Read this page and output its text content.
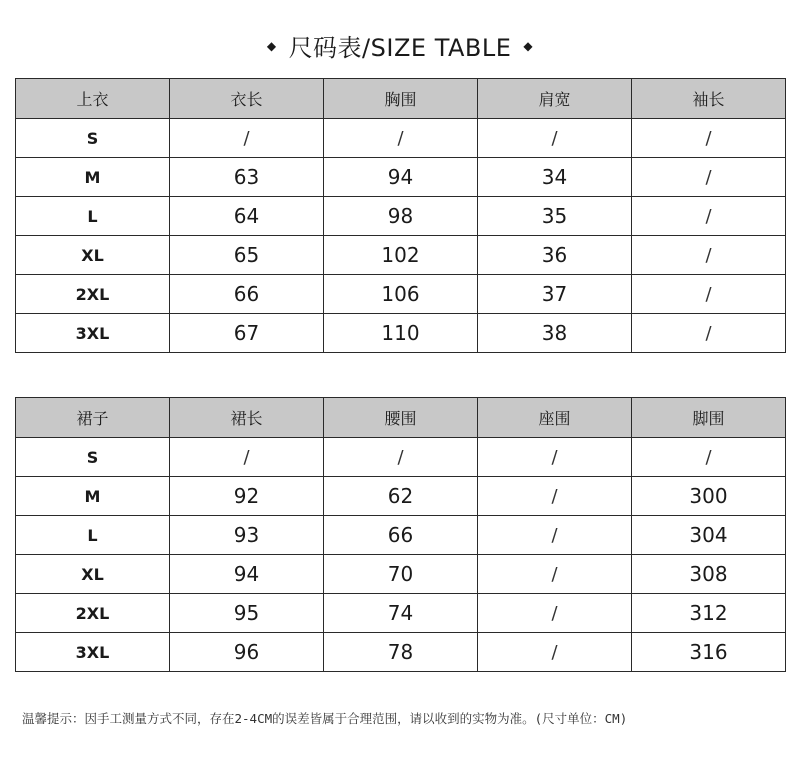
◆ 尺码表/SIZE TABLE ◆
上衣	衣长	胸围	肩宽	袖长
S	/	/	/	/
M	63	94	34	/
L	64	98	35	/
XL	65	102	36	/
2XL	66	106	37	/
3XL	67	110	38	/
裙子	裙长	腰围	座围	脚围
S	/	/	/	/
M	92	62	/	300
L	93	66	/	304
XL	94	70	/	308
2XL	95	74	/	312
3XL	96	78	/	316
温馨提示：因手工测量方式不同，存在2-4CM的误差皆属于合理范围，请以收到的实物为准。(尺寸单位：CM)
